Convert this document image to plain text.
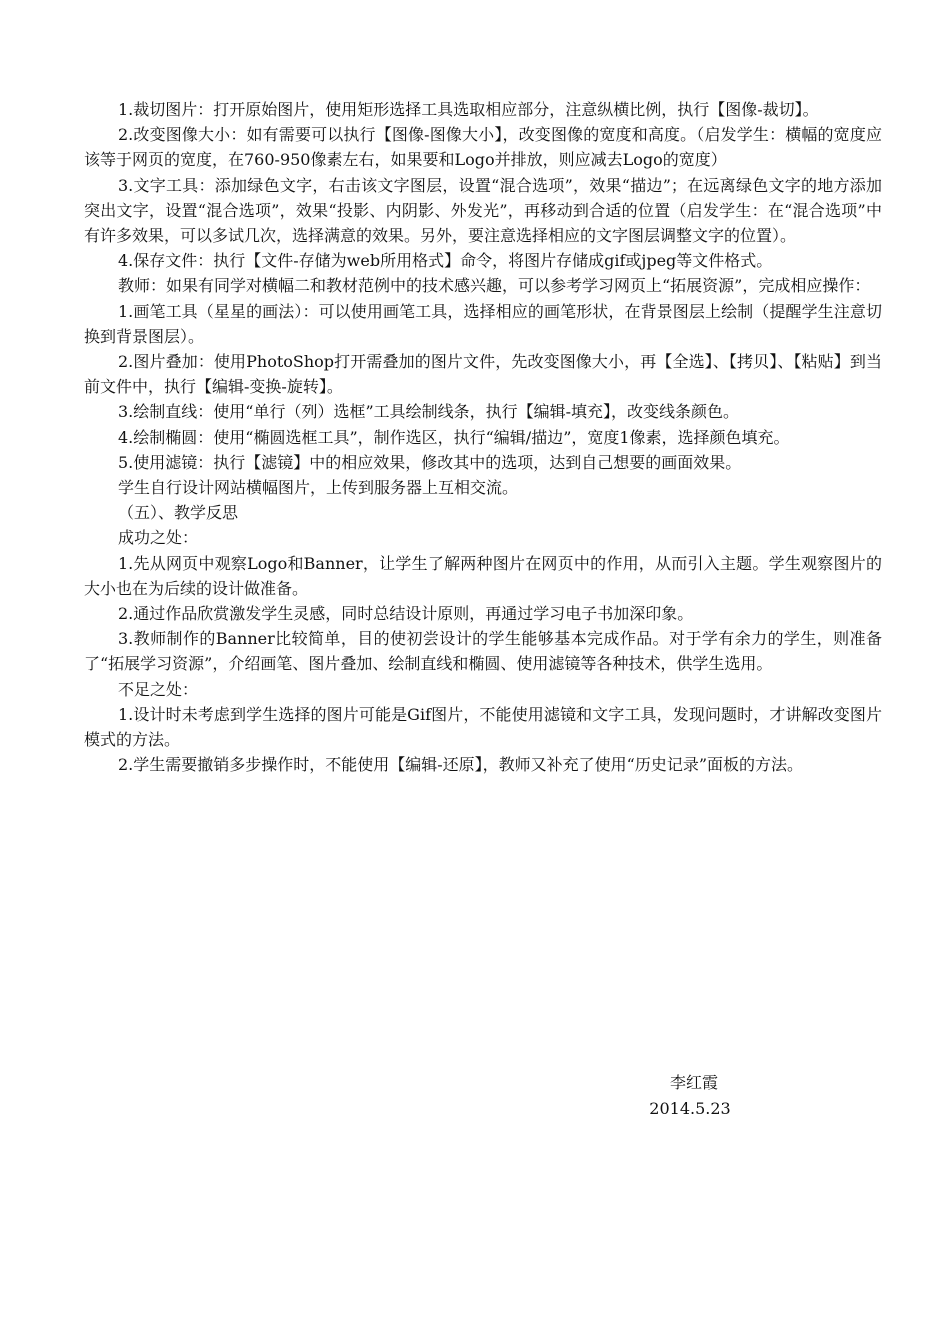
1.裁切图片：打开原始图片，使用矩形选择工具选取相应部分，注意纵横比例，执行【图像-裁切】。

2.改变图像大小：如有需要可以执行【图像-图像大小】，改变图像的宽度和高度。（启发学生：横幅的宽度应该等于网页的宽度，在760-950像素左右，如果要和Logo并排放，则应减去Logo的宽度）

3.文字工具：添加绿色文字，右击该文字图层，设置“混合选项”，效果“描边”；在远离绿色文字的地方添加突出文字，设置“混合选项”，效果“投影、内阴影、外发光”，再移动到合适的位置（启发学生：在“混合选项”中有许多效果，可以多试几次，选择满意的效果。另外，要注意选择相应的文字图层调整文字的位置）。

4.保存文件：执行【文件-存储为web所用格式】命令，将图片存储成gif或jpeg等文件格式。

教师：如果有同学对横幅二和教材范例中的技术感兴趣，可以参考学习网页上“拓展资源”，完成相应操作：

1.画笔工具（星星的画法）：可以使用画笔工具，选择相应的画笔形状，在背景图层上绘制（提醒学生注意切换到背景图层）。

2.图片叠加：使用PhotoShop打开需叠加的图片文件，先改变图像大小，再【全选】、【拷贝】、【粘贴】到当前文件中，执行【编辑-变换-旋转】。

3.绘制直线：使用“单行（列）选框”工具绘制线条，执行【编辑-填充】，改变线条颜色。

4.绘制椭圆：使用“椭圆选框工具”，制作选区，执行“编辑/描边”，宽度1像素，选择颜色填充。

5.使用滤镜：执行【滤镜】中的相应效果，修改其中的选项，达到自己想要的画面效果。

学生自行设计网站横幅图片，上传到服务器上互相交流。

（五）、教学反思

成功之处：

1.先从网页中观察Logo和Banner，让学生了解两种图片在网页中的作用，从而引入主题。学生观察图片的大小也在为后续的设计做准备。

2.通过作品欣赏激发学生灵感，同时总结设计原则，再通过学习电子书加深印象。

3.教师制作的Banner比较简单，目的使初尝设计的学生能够基本完成作品。对于学有余力的学生，则准备了“拓展学习资源”，介绍画笔、图片叠加、绘制直线和椭圆、使用滤镜等各种技术，供学生选用。

不足之处：

1.设计时未考虑到学生选择的图片可能是Gif图片，不能使用滤镜和文字工具，发现问题时，才讲解改变图片模式的方法。

2.学生需要撤销多步操作时，不能使用【编辑-还原】，教师又补充了使用“历史记录”面板的方法。

李红霞

2014.5.23
